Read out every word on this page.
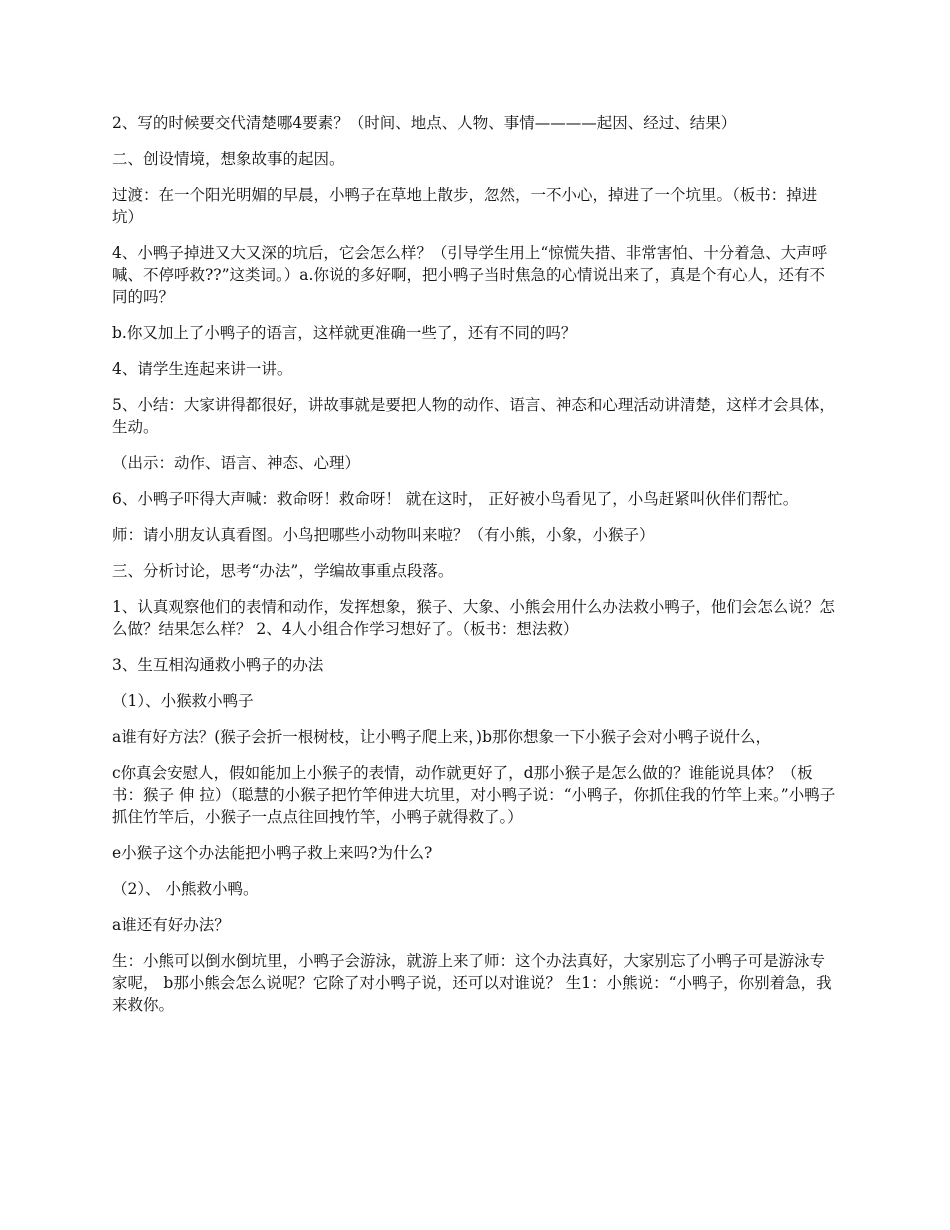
2、写的时候要交代清楚哪4要素？（时间、地点、人物、事情————起因、经过、结果）

二、创设情境，想象故事的起因。

过渡：在一个阳光明媚的早晨，小鸭子在草地上散步，忽然，一不小心，掉进了一个坑里。（板书：掉进坑）

4、小鸭子掉进又大又深的坑后，它会怎么样？（引导学生用上“惊慌失措、非常害怕、十分着急、大声呼喊、不停呼救??”这类词。）a.你说的多好啊，把小鸭子当时焦急的心情说出来了，真是个有心人，还有不同的吗？

b.你又加上了小鸭子的语言，这样就更准确一些了，还有不同的吗？

4、请学生连起来讲一讲。

5、小结：大家讲得都很好，讲故事就是要把人物的动作、语言、神态和心理活动讲清楚，这样才会具体，生动。

（出示：动作、语言、神态、心理）

6、小鸭子吓得大声喊：救命呀！救命呀！ 就在这时， 正好被小鸟看见了，小鸟赶紧叫伙伴们帮忙。

师：请小朋友认真看图。小鸟把哪些小动物叫来啦？（有小熊，小象，小猴子）

三、分析讨论，思考“办法”，学编故事重点段落。

1、认真观察他们的表情和动作，发挥想象，猴子、大象、小熊会用什么办法救小鸭子，他们会怎么说？怎么做？结果怎么样？ 2、4人小组合作学习想好了。（板书：想法救）

3、生互相沟通救小鸭子的办法

（1）、小猴救小鸭子

a谁有好方法？(猴子会折一根树枝，让小鸭子爬上来，)b那你想象一下小猴子会对小鸭子说什么，

c你真会安慰人，假如能加上小猴子的表情，动作就更好了，d那小猴子是怎么做的？谁能说具体？（板书：猴子 伸 拉）（聪慧的小猴子把竹竿伸进大坑里，对小鸭子说：“小鸭子，你抓住我的竹竿上来。”小鸭子抓住竹竿后，小猴子一点点往回拽竹竿，小鸭子就得救了。）

e小猴子这个办法能把小鸭子救上来吗?为什么?

（2）、 小熊救小鸭。

a谁还有好办法？

生：小熊可以倒水倒坑里，小鸭子会游泳，就游上来了师：这个办法真好，大家别忘了小鸭子可是游泳专家呢， b那小熊会怎么说呢？它除了对小鸭子说，还可以对谁说？ 生1：小熊说：“小鸭子，你别着急，我来救你。
